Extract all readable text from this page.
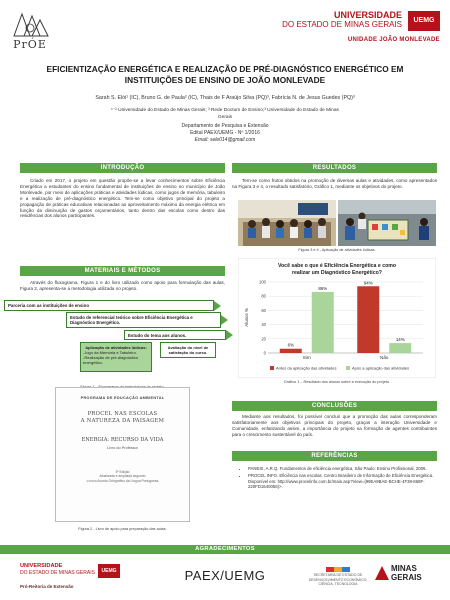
PrÓE
UNIVERSIDADE
DO ESTADO DE MINAS GERAIS	UEMG
UNIDADE JOÃO MONLEVADE
EFICIENTIZAÇÃO ENERGÉTICA E REALIZAÇÃO DE PRÉ-DIAGNÓSTICO ENERGÉTICO EM
INSTITUIÇÕES DE ENSINO DE JOÃO MONLEVADE
Sarah S. Elói¹ (IC), Bruno G. de Paula² (IC), Thais de F Araújo Silva (PQ)³, Fabrícia N. de Jesus Guedes (PQ)³
¹⁻² Universidade do Estado de Minas Gerais; ³ Rede Doctum de Ensino;³ Universidade do Estado de Minas
Gerais
Departamento de Pesquisa e Extensão
Edital PAEX/UEMG - Nº 1/2016
Email: sele014@gmail.com
INTRODUÇÃO
Criado em 2017, o projeto em questão propõe-se a levar conhecimentos sobre Eficiência Energética a estudantes do ensino fundamental de instituições de ensino no município de João Monlevade, por meio de aplicações práticas e atividades lúdicas, como jogos de memória, tabuleiro e a realização de pré-diagnóstico energético. Tem-se como objetivo principal do projeto a propagação de práticas educativas relacionadas ao aproveitamento máximo da energia elétrica em função da diminuição de gastos orçamentários, tanto dentro das escolas como dentro das residências dos alunos participantes.
MATERIAIS E MÉTODOS
Através do fluxograma, Figura 1 e do livro utilizado como apoio para formulação das aulas, Figura 2, apresenta-se a metodologia utilizada no projeto.
Parceria com as instituições de ensino
Estudo de referencial teórico sobre Eficiência Energética e Diagnóstico Energético.
Estudo do tema aos alunos.
Aplicação de atividades lúdicas:
-Jogo da Memória e Tabuleiro.
-Realização de pré-diagnóstico energético.
Avaliação do nível de satisfação do curso.
PROGRAMA DE EDUCAÇÃO AMBIENTAL
PROCEL NAS ESCOLAS
A NATUREZA DA PAISAGEM
ENERGIA: RECURSO DA VIDA
Livro do Professor
3ª Edição
Atualizada e ampliada segundo
o novo Acordo Ortográfico da Língua Portuguesa
Figura 2 - Livro de apoio para preparação das aulas.
RESULTADOS
Tem-se como frutos obtidos na promoção de diversas aulas e atividades, como apresentados na Figura 3 e 4, o resultado satisfatório, Gráfico 1, mediante os objetivos do projeto.
Figura 3 e 4 - Aplicação de atividades lúdicas.
Você sabe o que é Eficiência Energética e como
realizar um Diagnóstico Energético?
0
20
40
60
80
100
Alunos %
6%
86%
Sim
94%
14%
Não
Antes da aplicação das atividades	Após a aplicação das atividades
Gráfico 1 – Resultado dos alunos sobre a execução do projeto.
CONCLUSÕES
Mediante aos resultados, foi possível concluir que a promoção das aulas corresponderam satisfatoriamente aos objetivos principais do projeto, graças a interação Universidade e Comunidade, enfatizando assim, a importância do projeto na formação de agentes contribuintes para o crescimento sustentável do país.
REFERÊNCIAS
• PANESI, A.R.Q. Fundamentos de eficiência energética. São Paulo: Ensino Profissional, 2006.
• PROCEL INFO. Eficiência nas escolas. Centro Brasileiro de Informação de Eficiência Energética. Disponível em: http://www.procelinfo.com.br/main.asp?View={99EA9BAE-BCHE-4F38-868F-220FD1640056}>.
AGRADECIMENTOS
UNIVERSIDADE
DO ESTADO DE MINAS GERAIS	UEMG
Pró-Reitoria de Extensão
PAEX/UEMG	SECRETARIA DE ESTADO DE
DESENVOLVIMENTO ECONÔMICO,
CIÊNCIA, TECNOLOGIA
MINAS
GERAIS
